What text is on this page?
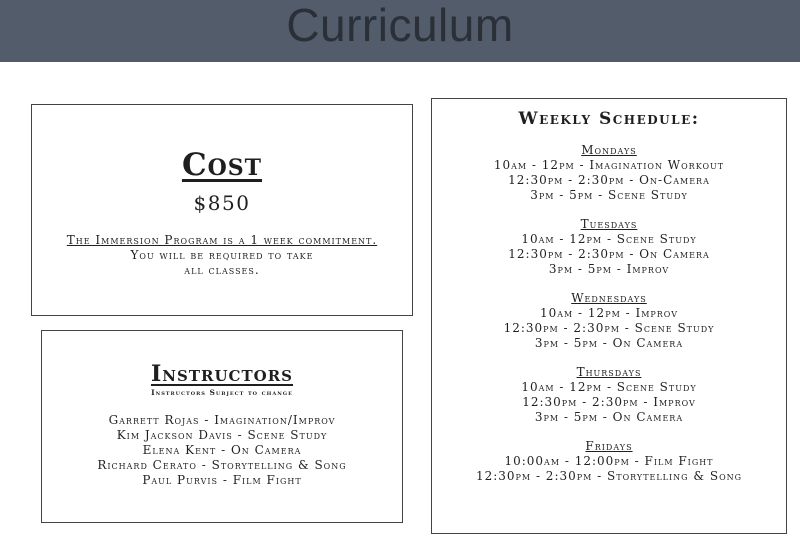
Curriculum
Cost
$850
The Immersion Program is a 1 week commitment.
You will be required to take
all classes.
Instructors
Instructors Subject to change
Garrett Rojas - Imagination/Improv
Kim Jackson Davis - Scene Study
Elena Kent - On Camera
Richard Cerato - Storytelling & Song
Paul Purvis - Film Fight
Weekly Schedule:
Mondays
10am - 12pm - Imagination Workout
12:30pm - 2:30pm - On-Camera
3pm - 5pm - Scene Study
Tuesdays
10am - 12pm - Scene Study
12:30pm - 2:30pm - On Camera
3pm - 5pm - Improv
Wednesdays
10am - 12pm - Improv
12:30pm - 2:30pm - Scene Study
3pm - 5pm - On Camera
Thursdays
10am - 12pm - Scene Study
12:30pm - 2:30pm - Improv
3pm - 5pm - On Camera
Fridays
10:00am - 12:00pm - Film Fight
12:30pm - 2:30pm - Storytelling & Song
